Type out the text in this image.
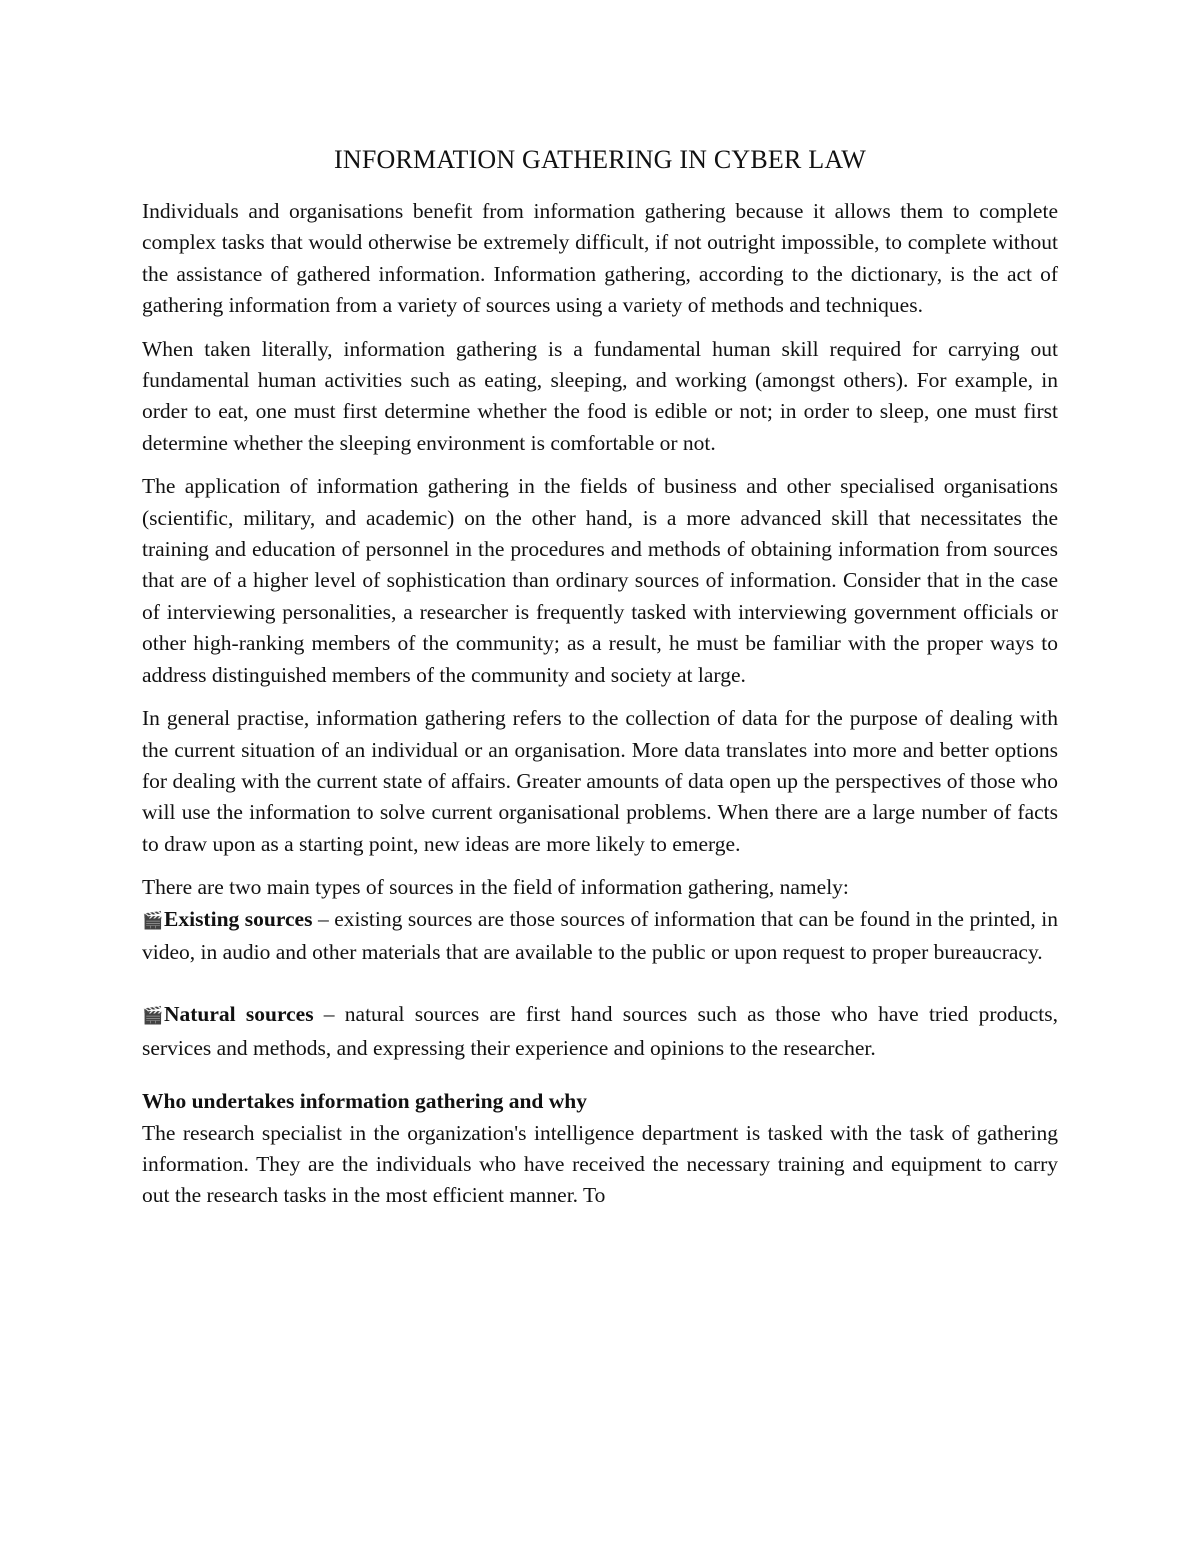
INFORMATION GATHERING IN CYBER LAW

Individuals and organisations benefit from information gathering because it allows them to complete complex tasks that would otherwise be extremely difficult, if not outright impossible, to complete without the assistance of gathered information. Information gathering, according to the dictionary, is the act of gathering information from a variety of sources using a variety of methods and techniques.

When taken literally, information gathering is a fundamental human skill required for carrying out fundamental human activities such as eating, sleeping, and working (amongst others). For example, in order to eat, one must first determine whether the food is edible or not; in order to sleep, one must first determine whether the sleeping environment is comfortable or not.

The application of information gathering in the fields of business and other specialised organisations (scientific, military, and academic) on the other hand, is a more advanced skill that necessitates the training and education of personnel in the procedures and methods of obtaining information from sources that are of a higher level of sophistication than ordinary sources of information. Consider that in the case of interviewing personalities, a researcher is frequently tasked with interviewing government officials or other high-ranking members of the community; as a result, he must be familiar with the proper ways to address distinguished members of the community and society at large.

In general practise, information gathering refers to the collection of data for the purpose of dealing with the current situation of an individual or an organisation. More data translates into more and better options for dealing with the current state of affairs. Greater amounts of data open up the perspectives of those who will use the information to solve current organisational problems. When there are a large number of facts to draw upon as a starting point, new ideas are more likely to emerge.

There are two main types of sources in the field of information gathering, namely:

🎬Existing sources – existing sources are those sources of information that can be found in the printed, in video, in audio and other materials that are available to the public or upon request to proper bureaucracy.

🎬Natural sources – natural sources are first hand sources such as those who have tried products, services and methods, and expressing their experience and opinions to the researcher.

Who undertakes information gathering and why

The research specialist in the organization's intelligence department is tasked with the task of gathering information. They are the individuals who have received the necessary training and equipment to carry out the research tasks in the most efficient manner. To
